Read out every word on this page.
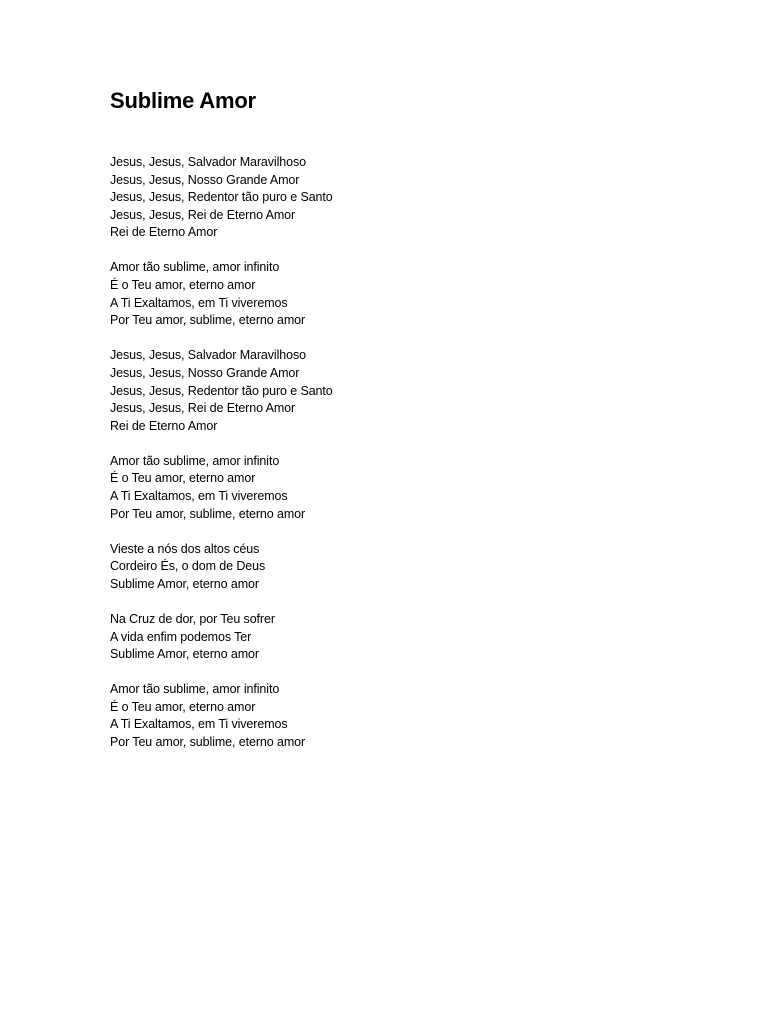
Sublime Amor
Jesus, Jesus, Salvador Maravilhoso
Jesus, Jesus, Nosso Grande Amor
Jesus, Jesus, Redentor tão puro e Santo
Jesus, Jesus, Rei de Eterno Amor
Rei de Eterno Amor
Amor tão sublime, amor infinito
É o Teu amor, eterno amor
A Ti Exaltamos, em Ti viveremos
Por Teu amor, sublime, eterno amor
Jesus, Jesus, Salvador Maravilhoso
Jesus, Jesus, Nosso Grande Amor
Jesus, Jesus, Redentor tão puro e Santo
Jesus, Jesus, Rei de Eterno Amor
Rei de Eterno Amor
Amor tão sublime, amor infinito
É o Teu amor, eterno amor
A Ti Exaltamos, em Ti viveremos
Por Teu amor, sublime, eterno amor
Vieste a nós dos altos céus
Cordeiro És, o dom de Deus
Sublime Amor, eterno amor
Na Cruz de dor, por Teu sofrer
A vida enfim podemos Ter
Sublime Amor, eterno amor
Amor tão sublime, amor infinito
É o Teu amor, eterno amor
A Ti Exaltamos, em Ti viveremos
Por Teu amor, sublime, eterno amor
